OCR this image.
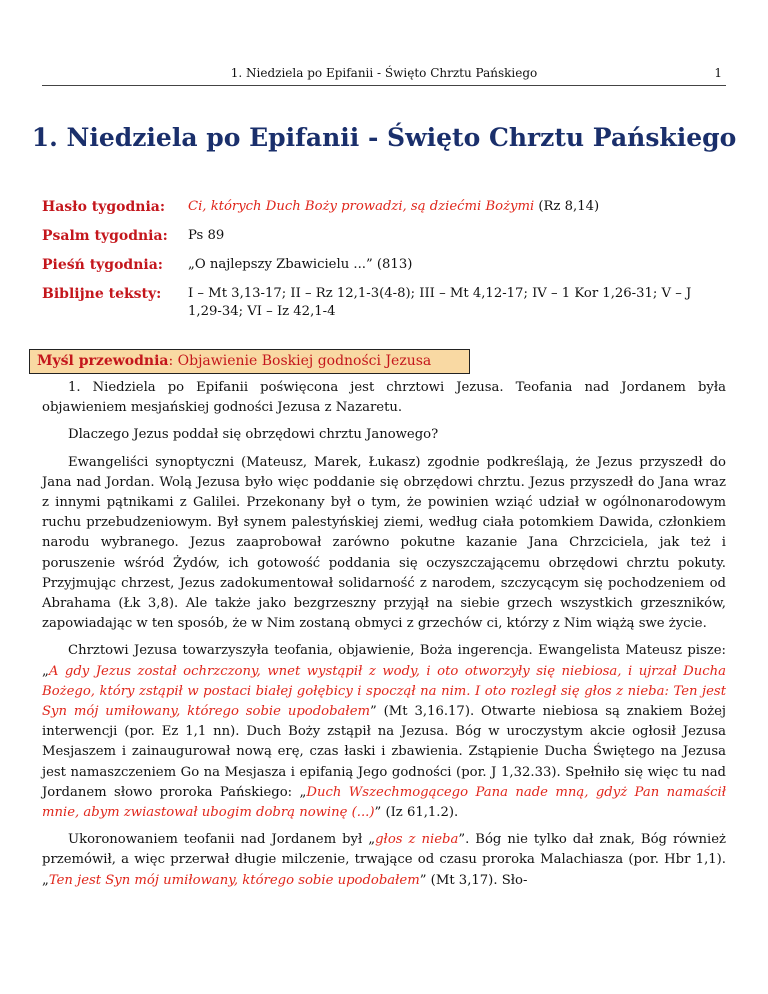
1. Niedziela po Epifanii - Święto Chrztu Pańskiego	1
1. Niedziela po Epifanii - Święto Chrztu Pańskiego
Hasło tygodnia:	Ci, których Duch Boży prowadzi, są dziećmi Bożymi (Rz 8,14)
Psalm tygodnia:	Ps 89
Pieśń tygodnia:	„O najlepszy Zbawicielu ...” (813)
Biblijne teksty:	I – Mt 3,13-17; II – Rz 12,1-3(4-8); III – Mt 4,12-17; IV – 1 Kor 1,26-31; V – J 1,29-34; VI – Iz 42,1-4
Myśl przewodnia: Objawienie Boskiej godności Jezusa

1. Niedziela po Epifanii poświęcona jest chrztowi Jezusa. Teofania nad Jordanem była objawieniem mesjańskiej godności Jezusa z Nazaretu.

Dlaczego Jezus poddał się obrzędowi chrztu Janowego?

Ewangeliści synoptyczni (Mateusz, Marek, Łukasz) zgodnie podkreślają, że Jezus przyszedł do Jana nad Jordan. Wolą Jezusa było więc poddanie się obrzędowi chrztu. Jezus przyszedł do Jana wraz z innymi pątnikami z Galilei. Przekonany był o tym, że powinien wziąć udział w ogólnonarodowym ruchu przebudzeniowym. Był synem palestyńskiej ziemi, według ciała potomkiem Dawida, członkiem narodu wybranego. Jezus zaaprobował zarówno pokutne kazanie Jana Chrzciciela, jak też i poruszenie wśród Żydów, ich gotowość poddania się oczyszczającemu obrzędowi chrztu pokuty. Przyjmując chrzest, Jezus zadokumentował solidarność z narodem, szczycącym się pochodzeniem od Abrahama (Łk 3,8). Ale także jako bezgrzeszny przyjął na siebie grzech wszystkich grzeszników, zapowiadając w ten sposób, że w Nim zostaną obmyci z grzechów ci, którzy z Nim wiążą swe życie.

Chrztowi Jezusa towarzyszyła teofania, objawienie, Boża ingerencja. Ewangelista Mateusz pisze: „A gdy Jezus został ochrzczony, wnet wystąpił z wody, i oto otworzyły się niebiosa, i ujrzał Ducha Bożego, który zstąpił w postaci białej gołębicy i spoczął na nim. I oto rozległ się głos z nieba: Ten jest Syn mój umiłowany, którego sobie upodobałem” (Mt 3,16.17). Otwarte niebiosa są znakiem Bożej interwencji (por. Ez 1,1 nn). Duch Boży zstąpił na Jezusa. Bóg w uroczystym akcie ogłosił Jezusa Mesjaszem i zainaugurował nową erę, czas łaski i zbawienia. Zstąpienie Ducha Świętego na Jezusa jest namaszczeniem Go na Mesjasza i epifanią Jego godności (por. J 1,32.33). Spełniło się więc tu nad Jordanem słowo proroka Pańskiego: „Duch Wszechmogącego Pana nade mną, gdyż Pan namaścił mnie, abym zwiastował ubogim dobrą nowinę (...)” (Iz 61,1.2).

Ukoronowaniem teofanii nad Jordanem był „głos z nieba”. Bóg nie tylko dał znak, Bóg również przemówił, a więc przerwał długie milczenie, trwające od czasu proroka Malachiasza (por. Hbr 1,1). „Ten jest Syn mój umiłowany, którego sobie upodobałem” (Mt 3,17). Sło-
